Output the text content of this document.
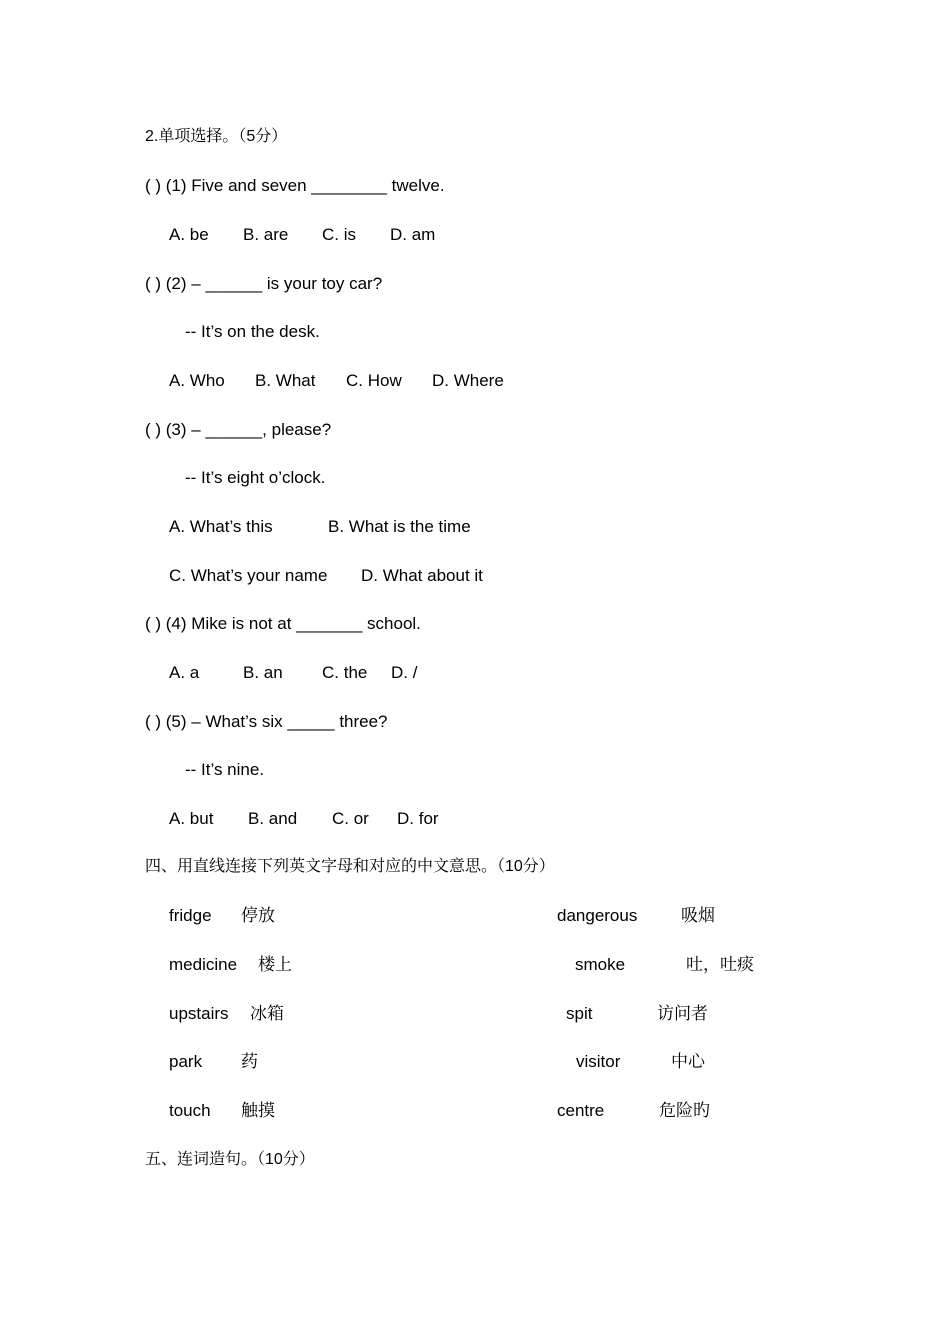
2.单项选择。（5分）
( ) (1) Five and seven ________ twelve.
A. be B. are C. is D. am
( ) (2) – ______ is your toy car?
-- It’s on the desk.
A. Who B. What C. How D. Where
( ) (3) – ______, please?
-- It’s eight o’clock.
A. What’s this	B. What is the time
C. What’s your name D. What about it
( ) (4) Mike is not at _______ school.
A. a	B. an C. the D. /
( ) (5) – What’s six _____ three?
-- It’s nine.
A. but B. and C. or D. for
四、用直线连接下列英文字母和对应的中文意思。（10分）
fridge 停放
medicine 楼上
upstairs 冰箱
park 药
touch 触摸
dangerous	吸烟
smoke	吐，吐痰
spit	访问者
visitor	中心
centre	危险旳
五、连词造句。（10分）
